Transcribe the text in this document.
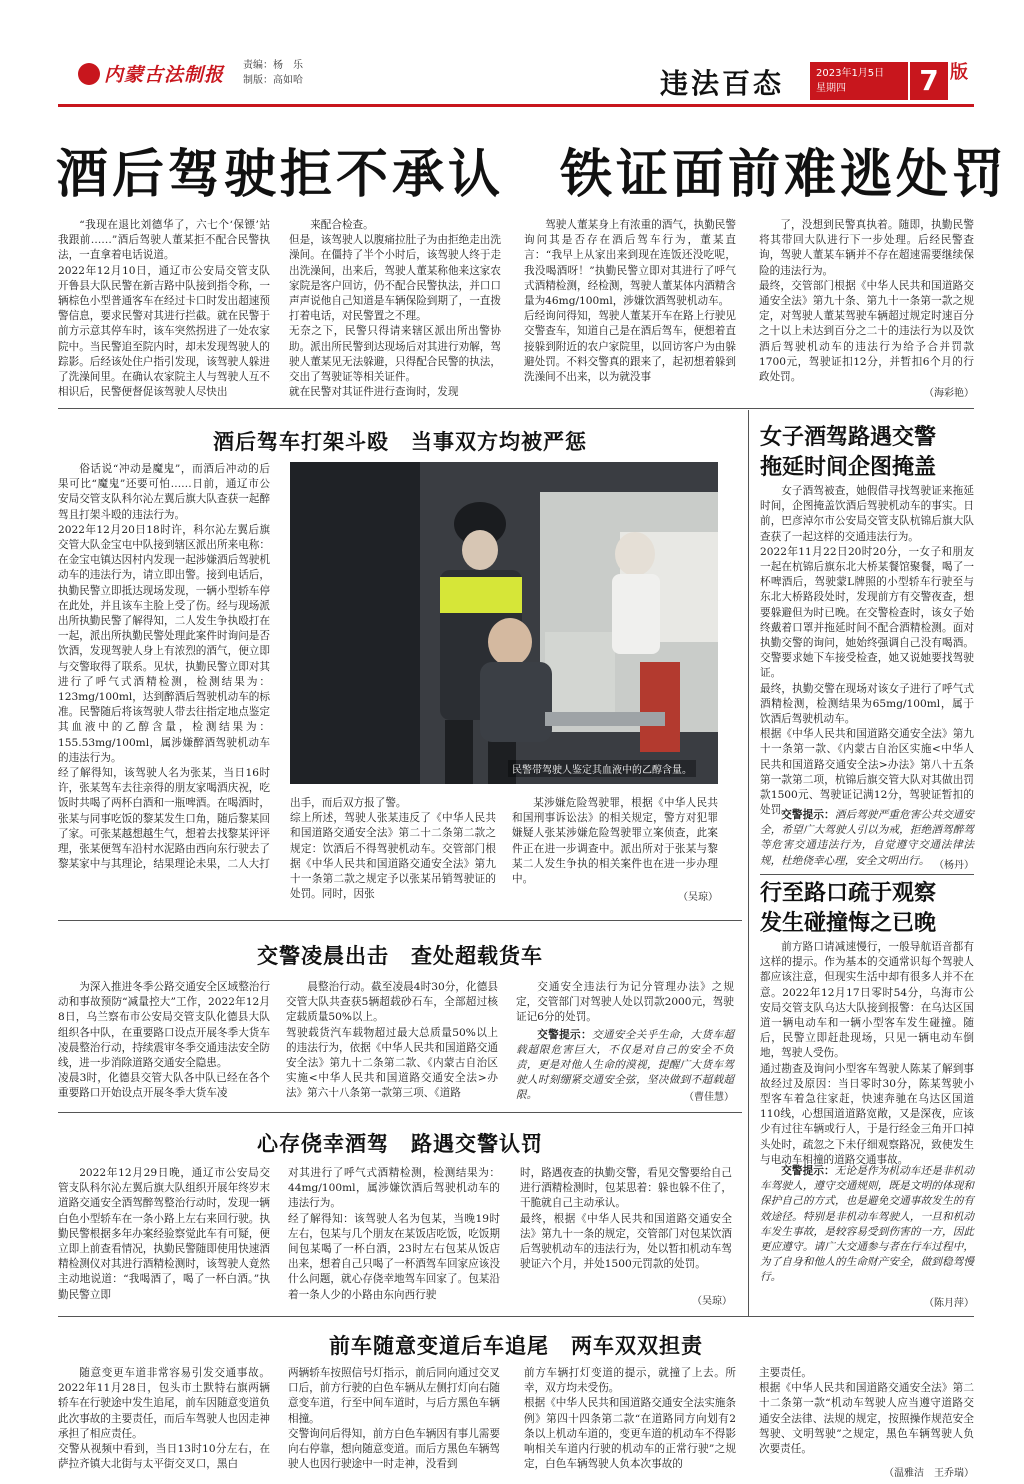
内蒙古法制报	责编：杨　乐
制版：高如哈	违法百态	2023年1月5日
星期四	7 版
酒后驾驶拒不承认　铁证面前难逃处罚
“我现在退比刘德华了，六七个‘保镖’站我跟前……”酒后驾驶人董某拒不配合民警执法，一直拿着电话说道。
2022年12月10日，通辽市公安局交管支队开鲁县大队民警在新吉路中队接到指令称，一辆棕色小型普通客车在经过卡口时发出超速预警信息，要求民警对其进行拦截。就在民警于前方示意其停车时，该车突然拐进了一处农家院中。当民警追至院内时，却未发现驾驶人的踪影。后经该处住户指引发现，该驾驶人躲进了洗澡间里。在确认农家院主人与驾驶人互不相识后，民警便督促该驾驶人尽快出
来配合检查。
但是，该驾驶人以腹痛拉肚子为由拒绝走出洗澡间。在僵持了半个小时后，该驾驶人终于走出洗澡间，出来后，驾驶人董某称他来这家农家院是客户回访，仍不配合民警执法，并口口声声说他自己知道是车辆保险到期了，一直拨打着电话，对民警置之不理。
无奈之下，民警只得请来辖区派出所出警协助。派出所民警到达现场后对其进行劝解，驾驶人董某见无法躲避，只得配合民警的执法，交出了驾驶证等相关证件。
就在民警对其证件进行查询时，发现
驾驶人董某身上有浓重的酒气，执勤民警询问其是否存在酒后驾车行为，董某直言：“我早上从家出来到现在连饭还没吃呢，我没喝酒呀！”执勤民警立即对其进行了呼气式酒精检测，经检测，驾驶人董某体内酒精含量为46mg/100ml，涉嫌饮酒驾驶机动车。
后经询问得知，驾驶人董某开车在路上行驶见交警查车，知道自己是在酒后驾车，便想着直接躲到附近的农户家院里，以回访客户为由躲避处罚。不料交警真的跟来了，起初想着躲到洗澡间不出来，以为就没事
了，没想到民警真执着。随即，执勤民警将其带回大队进行下一步处理。后经民警查询，驾驶人董某车辆并不存在超速需要继续保险的违法行为。
最终，交管部门根据《中华人民共和国道路交通安全法》第九十条、第九十一条第一款之规定，对驾驶人董某驾驶车辆超过规定时速百分之十以上未达到百分之二十的违法行为以及饮酒后驾驶机动车的违法行为给予合并罚款1700元，驾驶证扣12分，并暂扣6个月的行政处罚。
（海彩艳）
酒后驾车打架斗殴　当事双方均被严惩
俗话说“冲动是魔鬼”，而酒后冲动的后果可比“魔鬼”还要可怕……日前，通辽市公安局交管支队科尔沁左翼后旗大队查获一起醉驾且打架斗殴的违法行为。
2022年12月20日18时许，科尔沁左翼后旗交管大队金宝屯中队接到辖区派出所来电称：在金宝屯镇达因村内发现一起涉嫌酒后驾驶机动车的违法行为，请立即出警。接到电话后，执勤民警立即抵达现场发现，一辆小型轿车停在此处，并且该车主脸上受了伤。经与现场派出所执勤民警了解得知，二人发生争执殴打在一起，派出所执勤民警处理此案件时询问是否饮酒，发现驾驶人身上有浓烈的酒气，便立即与交警取得了联系。见状，执勤民警立即对其进行了呼气式酒精检测，检测结果为：123mg/100ml，达到醉酒后驾驶机动车的标准。民警随后将该驾驶人带去往指定地点鉴定其血液中的乙醇含量，检测结果为：155.53mg/100ml，属涉嫌醉酒驾驶机动车的违法行为。
经了解得知，该驾驶人名为张某，当日16时许，张某驾车去往亲得的朋友家喝酒庆祝，吃饭时共喝了两杯白酒和一瓶啤酒。在喝酒时，张某与同事吃饭的黎某发生口角，随后黎某回了家。可张某越想越生气，想着去找黎某评评理，张某便驾车沿村水泥路由西向东行驶去了黎某家中与其理论，结果理论未果，二人大打
民警带驾驶人鉴定其血液中的乙醇含量。
出手，而后双方报了警。
综上所述，驾驶人张某违反了《中华人民共和国道路交通安全法》第二十二条第二款之规定：饮酒后不得驾驶机动车。交管部门根据《中华人民共和国道路交通安全法》第九十一条第二款之规定予以张某吊销驾驶证的处罚。同时，因张
某涉嫌危险驾驶罪，根据《中华人民共和国刑事诉讼法》的相关规定，警方对犯罪嫌疑人张某涉嫌危险驾驶罪立案侦查，此案件正在进一步调查中。派出所对于张某与黎某二人发生争执的相关案件也在进一步办理中。
（吴琼）
交警凌晨出击　查处超载货车
为深入推进冬季公路交通安全区域整治行动和事故预防“减量控大”工作，2022年12月8日，乌兰察布市公安局交管支队化德县大队组织各中队，在重要路口设点开展冬季大货车凌晨整治行动，持续震审冬季交通违法安全防线，进一步消除道路交通安全隐患。
凌晨3时，化德县交管大队各中队已经在各个重要路口开始设点开展冬季大货车凌
晨整治行动。截至凌晨4时30分，化德县交管大队共查获5辆超载砂石车，全部超过核定载质量50%以上。
驾驶载货汽车载物超过最大总质量50%以上的违法行为，依据《中华人民共和国道路交通安全法》第九十二条第二款、《内蒙古自治区实施<中华人民共和国道路交通安全法>办法》第六十八条第一款第三项、《道路
交通安全违法行为记分管理办法》之规定，交管部门对驾驶人处以罚款2000元，驾驶证记6分的处罚。
交警提示：交通安全关乎生命，大货车超载超限危害巨大，不仅是对自己的安全不负责，更是对他人生命的漠视，提醒广大货车驾驶人时刻绷紧交通安全弦，坚决做到不超载超限。	（曹佳慧）
心存侥幸酒驾　路遇交警认罚
2022年12月29日晚，通辽市公安局交管支队科尔沁左翼后旗大队组织开展年终岁末道路交通安全酒驾醉驾整治行动时，发现一辆白色小型轿车在一条小路上左右来回行驶。执勤民警根据多年办案经验察觉此车有可疑，便立即上前查看情况，执勤民警随即使用快速酒精检测仪对其进行酒精检测时，该驾驶人竟然主动地说道：“我喝酒了，喝了一杯白酒。”执勤民警立即
对其进行了呼气式酒精检测，检测结果为：44mg/100ml，属涉嫌饮酒后驾驶机动车的违法行为。
经了解得知：该驾驶人名为包某，当晚19时左右，包某与几个朋友在某饭店吃饭，吃饭期间包某喝了一杯白酒，23时左右包某从饭店出来，想着自己只喝了一杯酒驾车回家应该没什么问题，就心存侥幸地驾车回家了。包某沿着一条人少的小路由东向西行驶
时，路遇夜查的执勤交警，看见交警要给自己进行酒精检测时，包某思着：躲也躲不住了，干脆就自己主动承认。
最终，根据《中华人民共和国道路交通安全法》第九十一条的规定，交管部门对包某饮酒后驾驶机动车的违法行为，处以暂扣机动车驾驶证六个月，并处1500元罚款的处罚。
（吴琼）
前车随意变道后车追尾　两车双双担责
随意变更车道非常容易引发交通事故。2022年11月28日，包头市土默特右旗两辆轿车在行驶途中发生追尾，前车因随意变道负此次事故的主要责任，而后车驾驶人也因走神承担了相应责任。
交警从视频中看到，当日13时10分左右，在萨拉齐镇大北街与太平街交叉口，黑白
两辆轿车按照信号灯指示，前后同向通过交叉口后，前方行驶的白色车辆从左侧打灯向右随意变车道，行至中间车道时，与后方黑色车辆相撞。
交警询问后得知，前方白色车辆因有事儿需要向右停靠，想向随意变道。而后方黑色车辆驾驶人也因行驶途中一时走神，没看到
前方车辆打灯变道的提示，就撞了上去。所幸，双方均未受伤。
根据《中华人民共和国道路交通安全法实施条例》第四十四条第二款“在道路同方向划有2条以上机动车道的，变更车道的机动车不得影响相关车道内行驶的机动车的正常行驶”之规定，白色车辆驾驶人负本次事故的
主要责任。
根据《中华人民共和国道路交通安全法》第二十二条第一款“机动车驾驶人应当遵守道路交通安全法律、法规的规定，按照操作规范安全驾驶、文明驾驶”之规定，黑色车辆驾驶人负次要责任。
（温雅洁　王乔瑞）
女子酒驾路遇交警　拖延时间企图掩盖
女子酒驾被查，她假借寻找驾驶证来拖延时间，企图掩盖饮酒后驾驶机动车的事实。日前，巴彦淖尔市公安局交管支队杭锦后旗大队查获了一起这样的交通违法行为。
2022年11月22日20时20分，一女子和朋友一起在杭锦后旗东北大桥某餐馆聚餐，喝了一杯啤酒后，驾驶蒙L牌照的小型轿车行驶至与东北大桥路段处时，发现前方有交警夜查，想要躲避但为时已晚。在交警检查时，该女子始终戴着口罩并拖延时间不配合酒精检测。面对执勤交警的询问，她始终强调自己没有喝酒。交警要求她下车接受检查，她又说她要找驾驶证。
最终，执勤交警在现场对该女子进行了呼气式酒精检测，检测结果为65mg/100ml，属于饮酒后驾驶机动车。
根据《中华人民共和国道路交通安全法》第九十一条第一款、《内蒙古自治区实施<中华人民共和国道路交通安全法>办法》第八十五条第一款第二项，杭锦后旗交管大队对其做出罚款1500元、驾驶证记满12分，驾驶证暂扣的处罚。
交警提示：酒后驾驶严重危害公共交通安全，希望广大驾驶人引以为戒，拒绝酒驾醉驾等危害交通违法行为，自觉遵守交通法律法规，杜绝侥幸心理，安全文明出行。 （杨丹）
行至路口疏于观察　发生碰撞悔之已晚
前方路口请减速慢行，一般导航语音都有这样的提示。作为基本的交通常识每个驾驶人都应该注意，但现实生活中却有很多人并不在意。2022年12月17日零时54分，乌海市公安局交管支队乌达大队接到报警：在乌达区国道一辆电动车和一辆小型客车发生碰撞。随后，民警立即赶赴现场，只见一辆电动车倒地，驾驶人受伤。
通过勘查及询问小型客车驾驶人陈某了解到事故经过及原因：当日零时30分，陈某驾驶小型客车着急往家赶，快速奔驰在乌达区国道110线，心想国道道路宽敞，又是深夜，应该少有过往车辆或行人，于是行经金三角开口掉头处时，疏忽之下未仔细观察路况，致使发生与电动车相撞的道路交通事故。
交警提示：无论是作为机动车还是非机动车驾驶人，遵守交通规则，既是文明的体现和保护自己的方式，也是避免交通事故发生的有效途径。特别是非机动车驾驶人，一旦和机动车发生事故，是较容易受到伤害的一方，因此更应遵守。请广大交通参与者在行车过程中，为了自身和他人的生命财产安全，做到稳驾慢行。
（陈月萍）
